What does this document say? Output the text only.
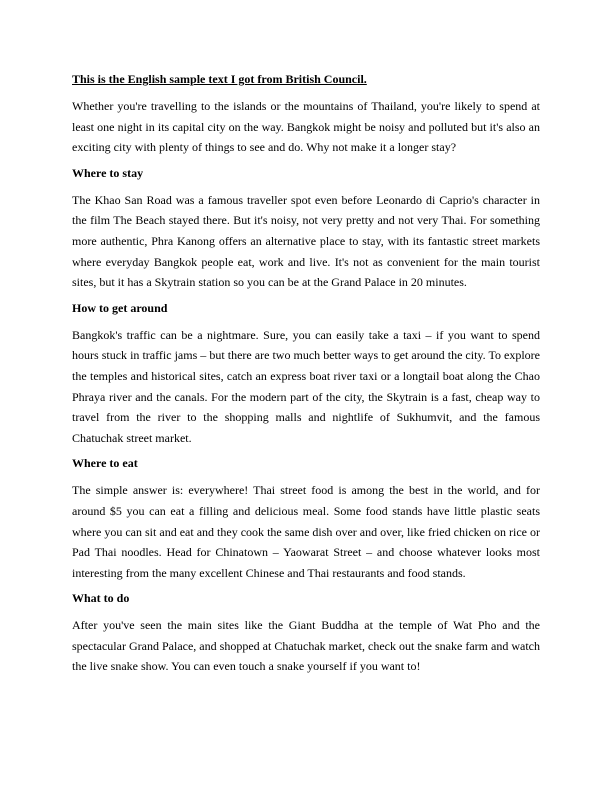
This is the English sample text I got from British Council.

Whether you're travelling to the islands or the mountains of Thailand, you're likely to spend at least one night in its capital city on the way. Bangkok might be noisy and polluted but it's also an exciting city with plenty of things to see and do. Why not make it a longer stay?

Where to stay

The Khao San Road was a famous traveller spot even before Leonardo di Caprio's character in the film The Beach stayed there. But it's noisy, not very pretty and not very Thai. For something more authentic, Phra Kanong offers an alternative place to stay, with its fantastic street markets where everyday Bangkok people eat, work and live. It's not as convenient for the main tourist sites, but it has a Skytrain station so you can be at the Grand Palace in 20 minutes.

How to get around

Bangkok's traffic can be a nightmare. Sure, you can easily take a taxi – if you want to spend hours stuck in traffic jams – but there are two much better ways to get around the city. To explore the temples and historical sites, catch an express boat river taxi or a longtail boat along the Chao Phraya river and the canals. For the modern part of the city, the Skytrain is a fast, cheap way to travel from the river to the shopping malls and nightlife of Sukhumvit, and the famous Chatuchak street market.

Where to eat

The simple answer is: everywhere! Thai street food is among the best in the world, and for around $5 you can eat a filling and delicious meal. Some food stands have little plastic seats where you can sit and eat and they cook the same dish over and over, like fried chicken on rice or Pad Thai noodles. Head for Chinatown – Yaowarat Street – and choose whatever looks most interesting from the many excellent Chinese and Thai restaurants and food stands.

What to do

After you've seen the main sites like the Giant Buddha at the temple of Wat Pho and the spectacular Grand Palace, and shopped at Chatuchak market, check out the snake farm and watch the live snake show. You can even touch a snake yourself if you want to!
